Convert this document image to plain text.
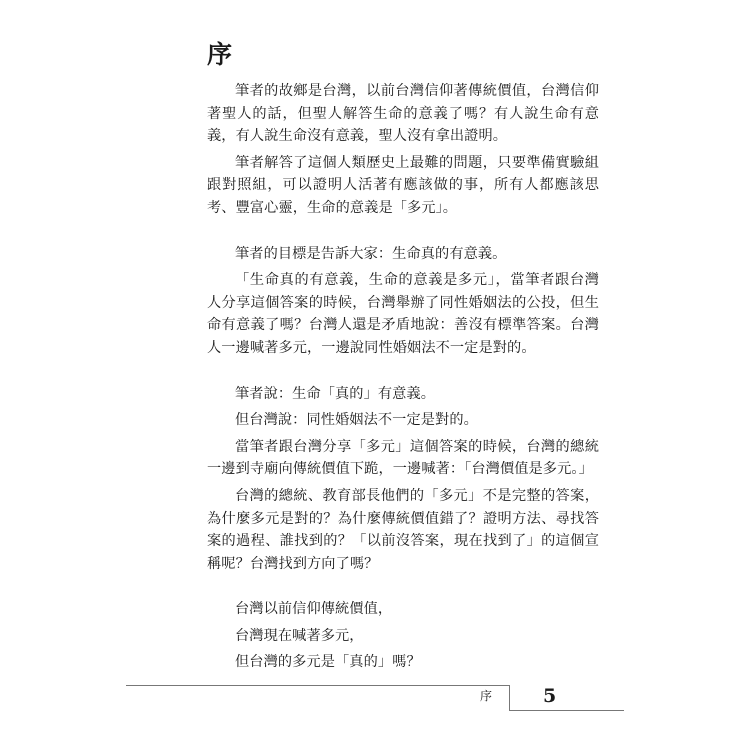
序

筆者的故鄉是台灣，以前台灣信仰著傳統價值，台灣信仰著聖人的話，但聖人解答生命的意義了嗎？有人說生命有意義，有人說生命沒有意義，聖人沒有拿出證明。

筆者解答了這個人類歷史上最難的問題，只要準備實驗組跟對照組，可以證明人活著有應該做的事，所有人都應該思考、豐富心靈，生命的意義是「多元」。

筆者的目標是告訴大家：生命真的有意義。

「生命真的有意義，生命的意義是多元」，當筆者跟台灣人分享這個答案的時候，台灣舉辦了同性婚姻法的公投，但生命有意義了嗎？台灣人還是矛盾地說：善沒有標準答案。台灣人一邊喊著多元，一邊說同性婚姻法不一定是對的。

筆者說：生命「真的」有意義。

但台灣說：同性婚姻法不一定是對的。

當筆者跟台灣分享「多元」這個答案的時候，台灣的總統一邊到寺廟向傳統價值下跪，一邊喊著：「台灣價值是多元。」

台灣的總統、教育部長他們的「多元」不是完整的答案，為什麼多元是對的？為什麼傳統價值錯了？證明方法、尋找答案的過程、誰找到的？「以前沒答案，現在找到了」的這個宣稱呢？台灣找到方向了嗎？

台灣以前信仰傳統價值，

台灣現在喊著多元，

但台灣的多元是「真的」嗎？

序	5
